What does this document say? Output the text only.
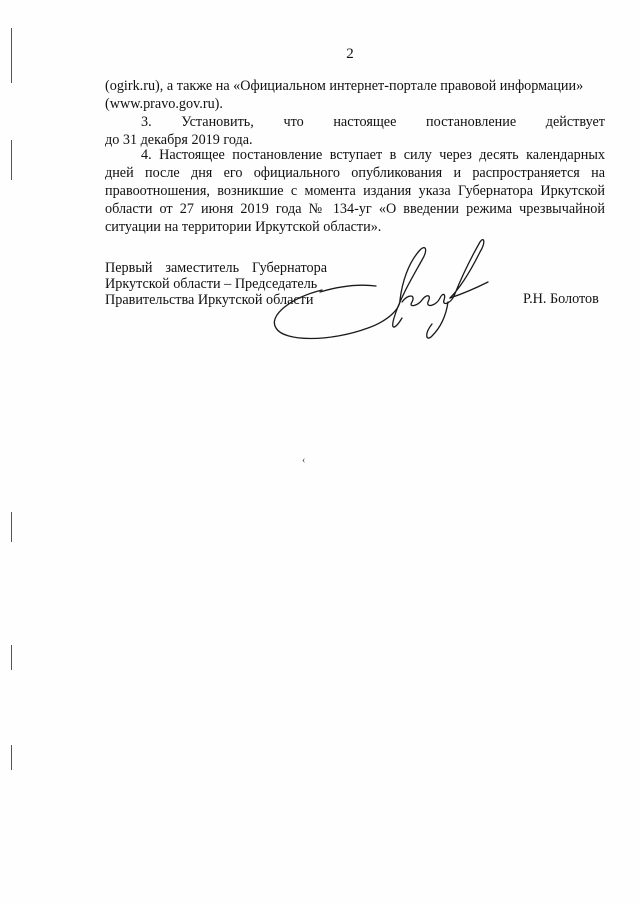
2
(ogirk.ru), а также на «Официальном интернет-портале правовой информации»
(www.pravo.gov.ru).
3. Установить, что настоящее постановление действует
до 31 декабря 2019 года.
4. Настоящее постановление вступает в силу через десять календарных
дней после дня его официального опубликования и распространяется на
правоотношения, возникшие с момента издания указа Губернатора Иркутской
области от 27 июня 2019 года № 134-уг «О введении режима чрезвычайной
ситуации на территории Иркутской области».
Первый заместитель Губернатора
Иркутской области – Председатель
Правительства Иркутской области	Р.Н. Болотов
‹
